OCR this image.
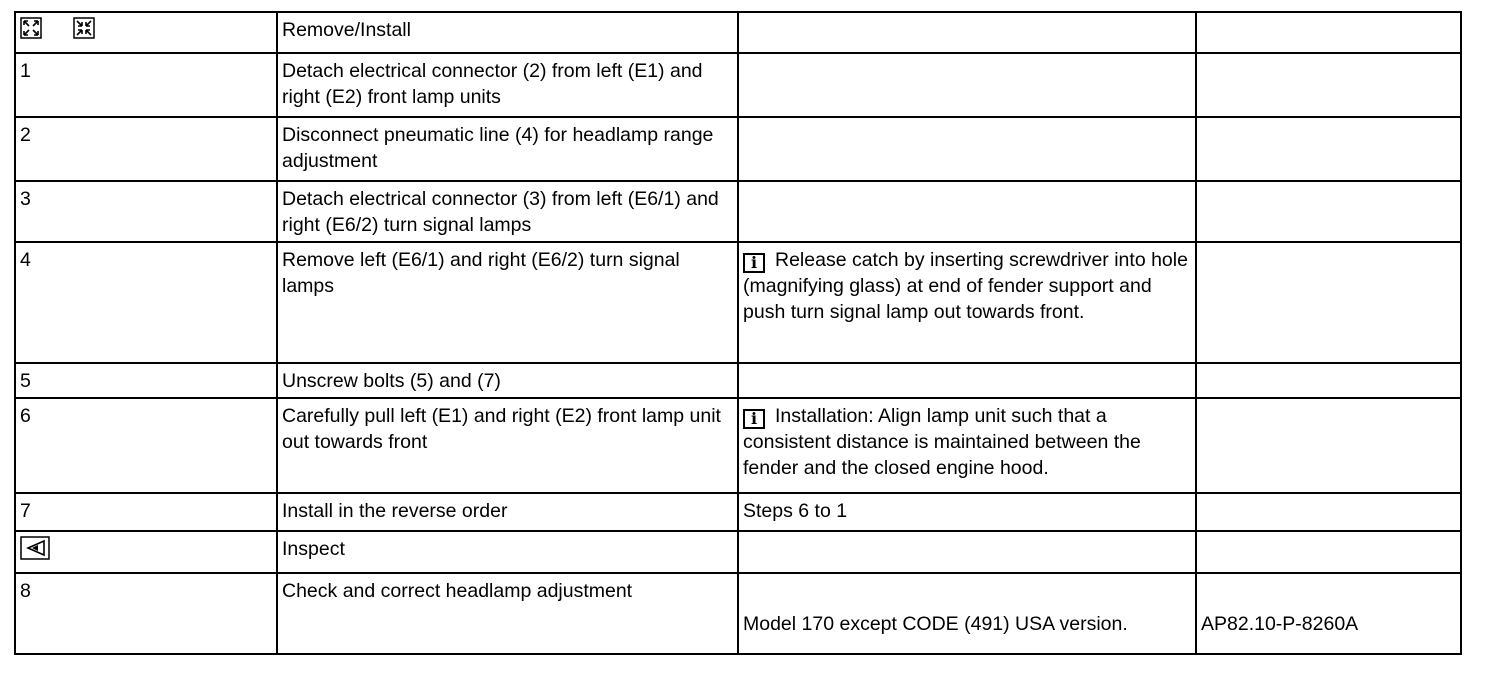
	Remove/Install		
1	Detach electrical connector (2) from left (E1) and right (E2) front lamp units		
2	Disconnect pneumatic line (4) for headlamp range adjustment		
3	Detach electrical connector (3) from left (E6/1) and right (E6/2) turn signal lamps		
4	Remove left (E6/1) and right (E6/2) turn signal lamps	i Release catch by inserting screwdriver into hole (magnifying glass) at end of fender support and push turn signal lamp out towards front.	
5	Unscrew bolts (5) and (7)		
6	Carefully pull left (E1) and right (E2) front lamp unit out towards front	i Installation: Align lamp unit such that a consistent distance is maintained between the fender and the closed engine hood.	
7	Install in the reverse order	Steps 6 to 1	

	Inspect		
8	Check and correct headlamp adjustment	Model 170 except CODE (491) USA version.	AP82.10-P-8260A
